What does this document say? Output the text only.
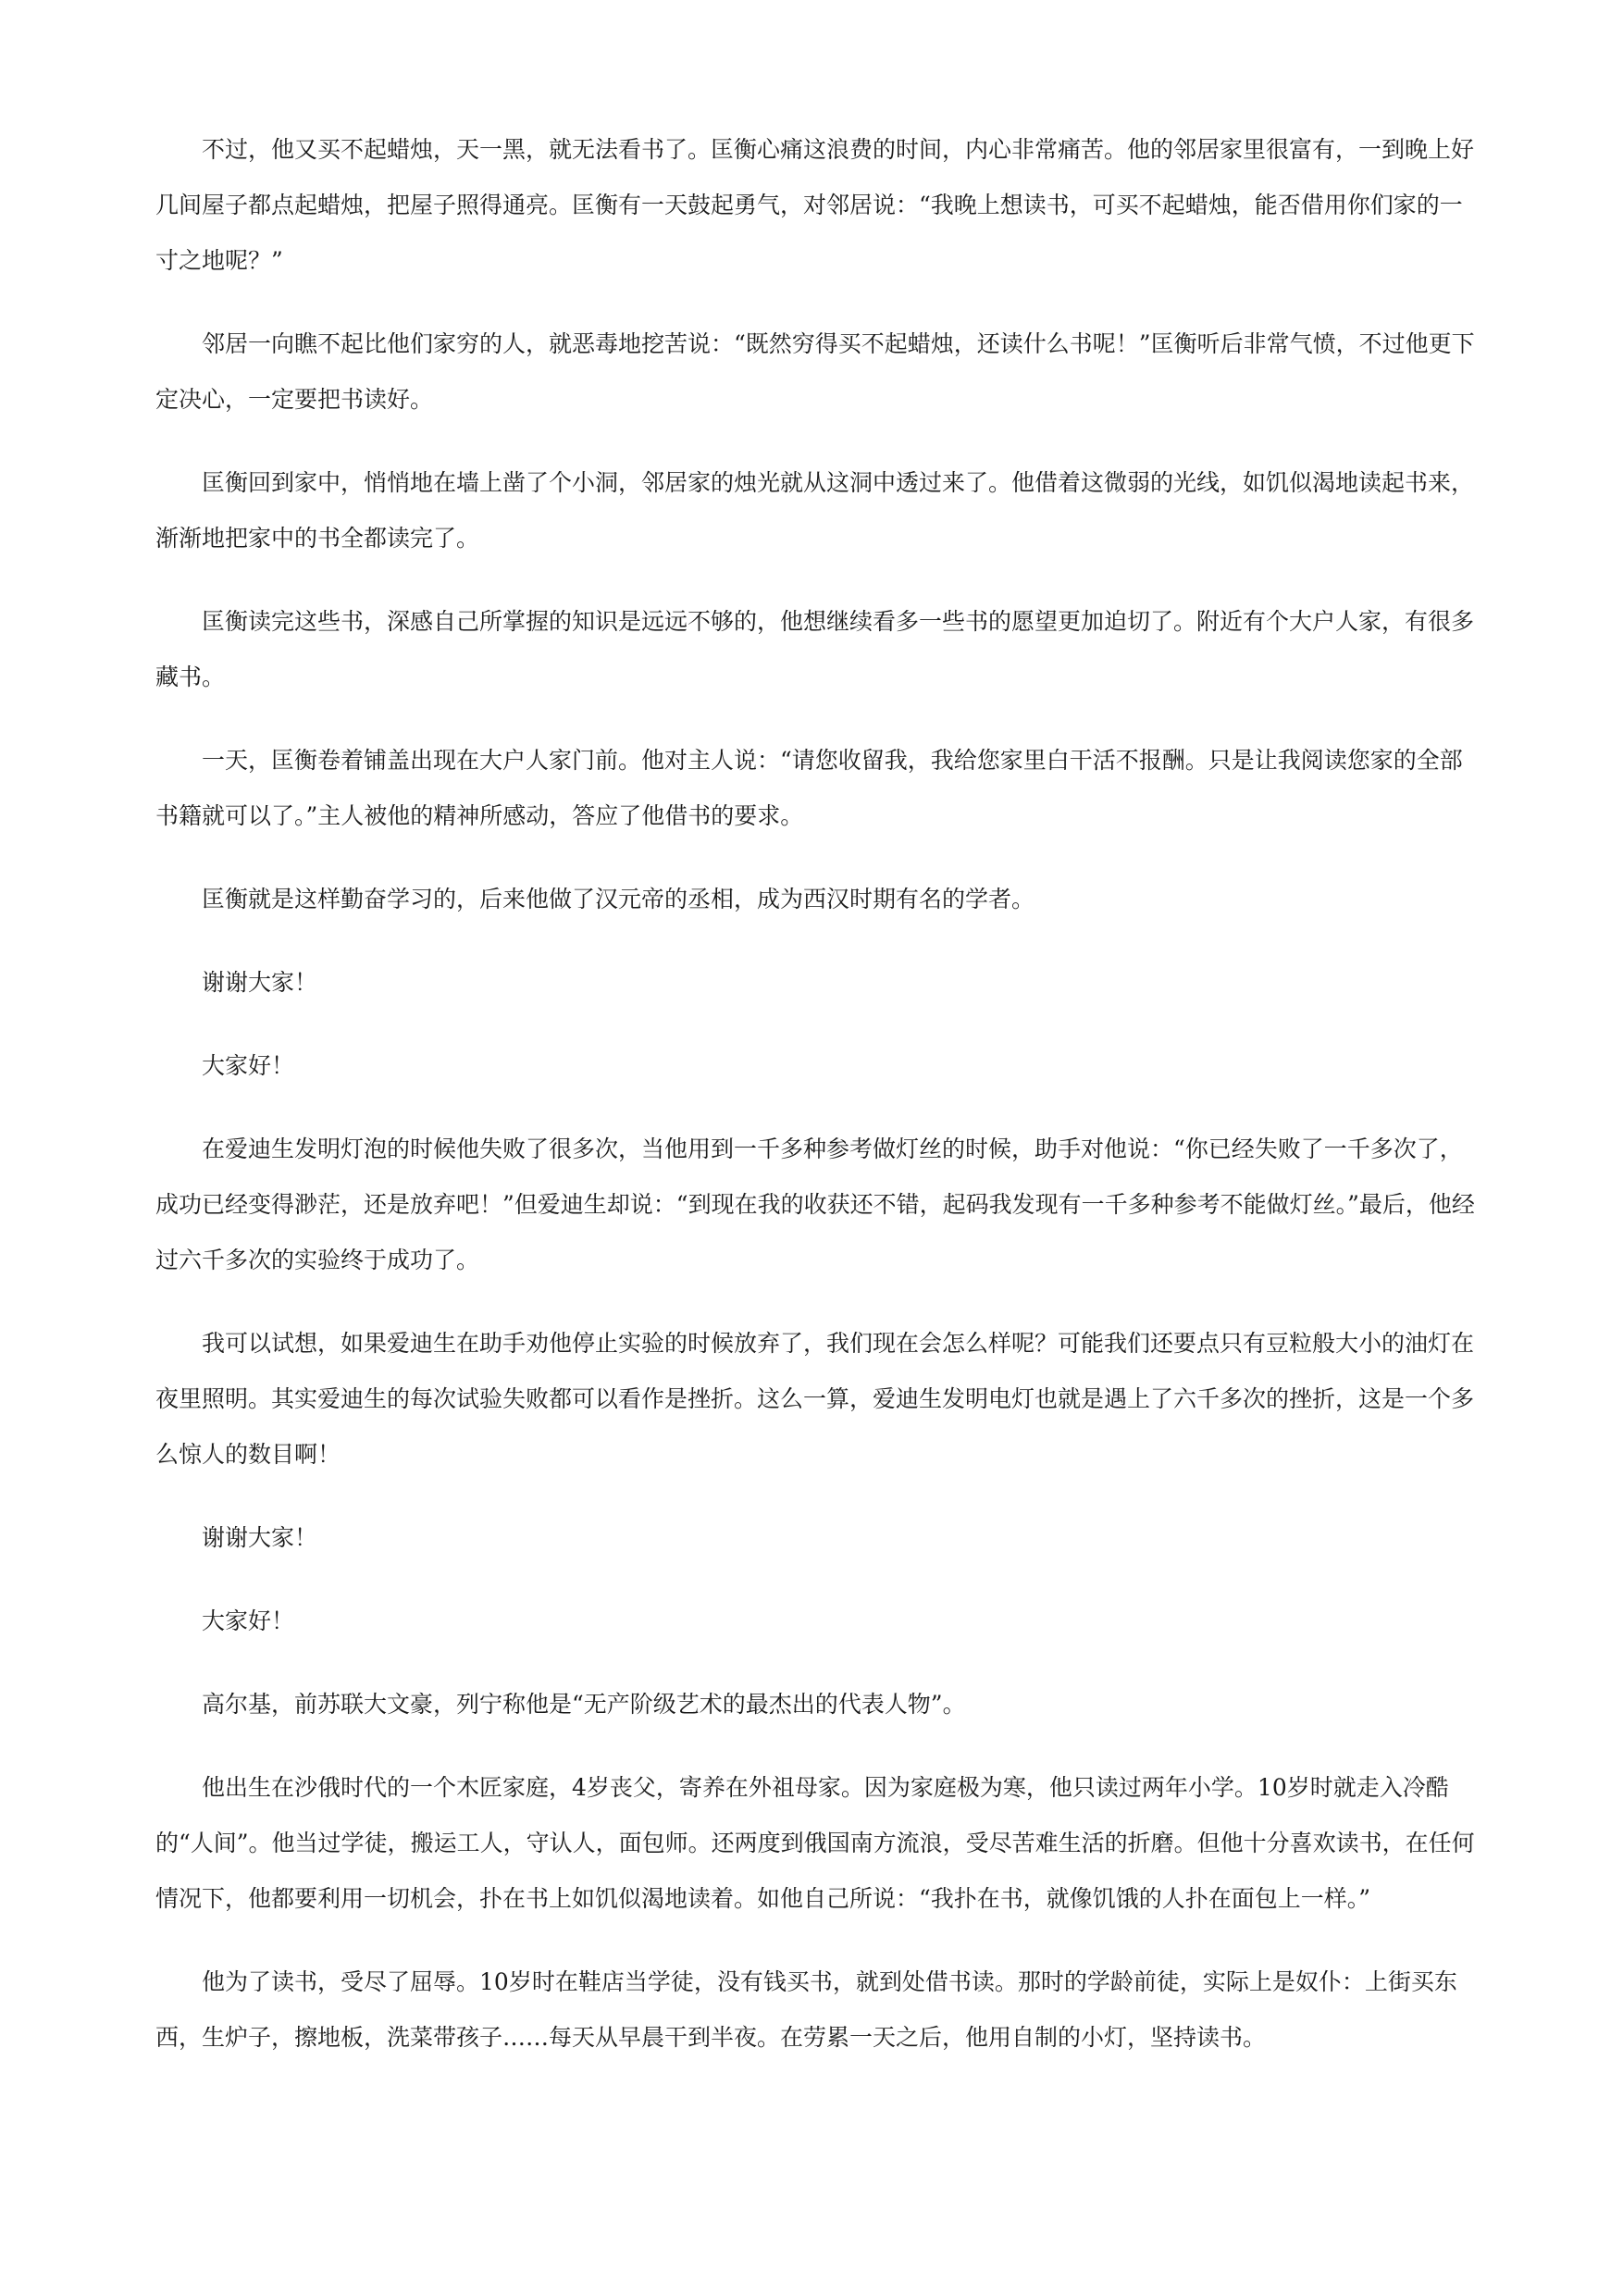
不过，他又买不起蜡烛，天一黑，就无法看书了。匡衡心痛这浪费的时间，内心非常痛苦。他的邻居家里很富有，一到晚上好几间屋子都点起蜡烛，把屋子照得通亮。匡衡有一天鼓起勇气，对邻居说：“我晚上想读书，可买不起蜡烛，能否借用你们家的一寸之地呢？”

邻居一向瞧不起比他们家穷的人，就恶毒地挖苦说：“既然穷得买不起蜡烛，还读什么书呢！”匡衡听后非常气愤，不过他更下定决心，一定要把书读好。

匡衡回到家中，悄悄地在墙上凿了个小洞，邻居家的烛光就从这洞中透过来了。他借着这微弱的光线，如饥似渴地读起书来，渐渐地把家中的书全都读完了。

匡衡读完这些书，深感自己所掌握的知识是远远不够的，他想继续看多一些书的愿望更加迫切了。附近有个大户人家，有很多藏书。

一天，匡衡卷着铺盖出现在大户人家门前。他对主人说：“请您收留我，我给您家里白干活不报酬。只是让我阅读您家的全部书籍就可以了。”主人被他的精神所感动，答应了他借书的要求。

匡衡就是这样勤奋学习的，后来他做了汉元帝的丞相，成为西汉时期有名的学者。

谢谢大家！

大家好！

在爱迪生发明灯泡的时候他失败了很多次，当他用到一千多种参考做灯丝的时候，助手对他说：“你已经失败了一千多次了，成功已经变得渺茫，还是放弃吧！”但爱迪生却说：“到现在我的收获还不错，起码我发现有一千多种参考不能做灯丝。”最后，他经过六千多次的实验终于成功了。

我可以试想，如果爱迪生在助手劝他停止实验的时候放弃了，我们现在会怎么样呢？可能我们还要点只有豆粒般大小的油灯在夜里照明。其实爱迪生的每次试验失败都可以看作是挫折。这么一算，爱迪生发明电灯也就是遇上了六千多次的挫折，这是一个多么惊人的数目啊！

谢谢大家！

大家好！

高尔基，前苏联大文豪，列宁称他是“无产阶级艺术的最杰出的代表人物”。

他出生在沙俄时代的一个木匠家庭，4岁丧父，寄养在外祖母家。因为家庭极为寒，他只读过两年小学。10岁时就走入冷酷的“人间”。他当过学徒，搬运工人，守认人，面包师。还两度到俄国南方流浪，受尽苦难生活的折磨。但他十分喜欢读书，在任何情况下，他都要利用一切机会，扑在书上如饥似渴地读着。如他自己所说：“我扑在书，就像饥饿的人扑在面包上一样。”

他为了读书，受尽了屈辱。10岁时在鞋店当学徒，没有钱买书，就到处借书读。那时的学龄前徒，实际上是奴仆：上街买东西，生炉子，擦地板，洗菜带孩子……每天从早晨干到半夜。在劳累一天之后，他用自制的小灯，坚持读书。
